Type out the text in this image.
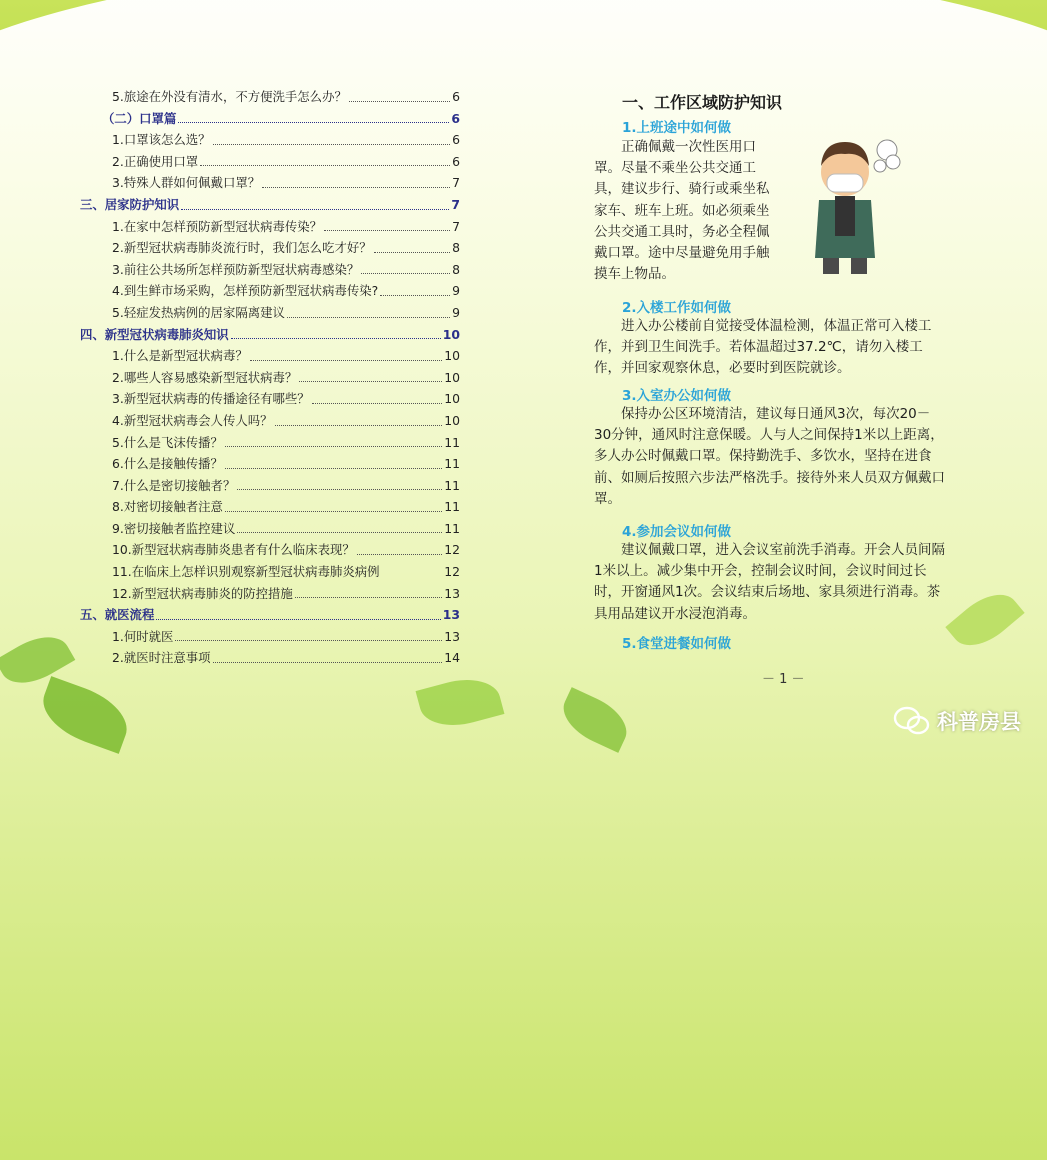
5.旅途在外没有清水，不方便洗手怎么办？	6
（二）口罩篇	6
1.口罩该怎么选？	6
2.正确使用口罩	6
3.特殊人群如何佩戴口罩？	7
三、居家防护知识	7
1.在家中怎样预防新型冠状病毒传染？	7
2.新型冠状病毒肺炎流行时，我们怎么吃才好？	8
3.前往公共场所怎样预防新型冠状病毒感染？	8
4.到生鲜市场采购，怎样预防新型冠状病毒传染?	9
5.轻症发热病例的居家隔离建议	9
四、新型冠状病毒肺炎知识	10
1.什么是新型冠状病毒？	10
2.哪些人容易感染新型冠状病毒？	10
3.新型冠状病毒的传播途径有哪些？	10
4.新型冠状病毒会人传人吗？	10
5.什么是飞沫传播？	11
6.什么是接触传播？	11
7.什么是密切接触者？	11
8.对密切接触者注意	11
9.密切接触者监控建议	11
10.新型冠状病毒肺炎患者有什么临床表现？	12
11.在临床上怎样识别观察新型冠状病毒肺炎病例	12
12.新型冠状病毒肺炎的防控措施	13
五、就医流程	13
1.何时就医	13
2.就医时注意事项	14
一、工作区域防护知识
1.上班途中如何做
正确佩戴一次性医用口
罩。尽量不乘坐公共交通工
具，建议步行、骑行或乘坐私
家车、班车上班。如必须乘坐
公共交通工具时，务必全程佩
戴口罩。途中尽量避免用手触
摸车上物品。
2.入楼工作如何做

进入办公楼前自觉接受体温检测，体温正常可入楼工作，并到卫生间洗手。若体温超过37.2℃，请勿入楼工作，并回家观察休息，必要时到医院就诊。

3.入室办公如何做

保持办公区环境清洁，建议每日通风3次，每次20－30分钟，通风时注意保暖。人与人之间保持1米以上距离，多人办公时佩戴口罩。保持勤洗手、多饮水，坚持在进食前、如厕后按照六步法严格洗手。接待外来人员双方佩戴口罩。

4.参加会议如何做

建议佩戴口罩，进入会议室前洗手消毒。开会人员间隔1米以上。减少集中开会，控制会议时间，会议时间过长时，开窗通风1次。会议结束后场地、家具须进行消毒。茶具用品建议开水浸泡消毒。

5.食堂进餐如何做
－ 1 －
科普房县
